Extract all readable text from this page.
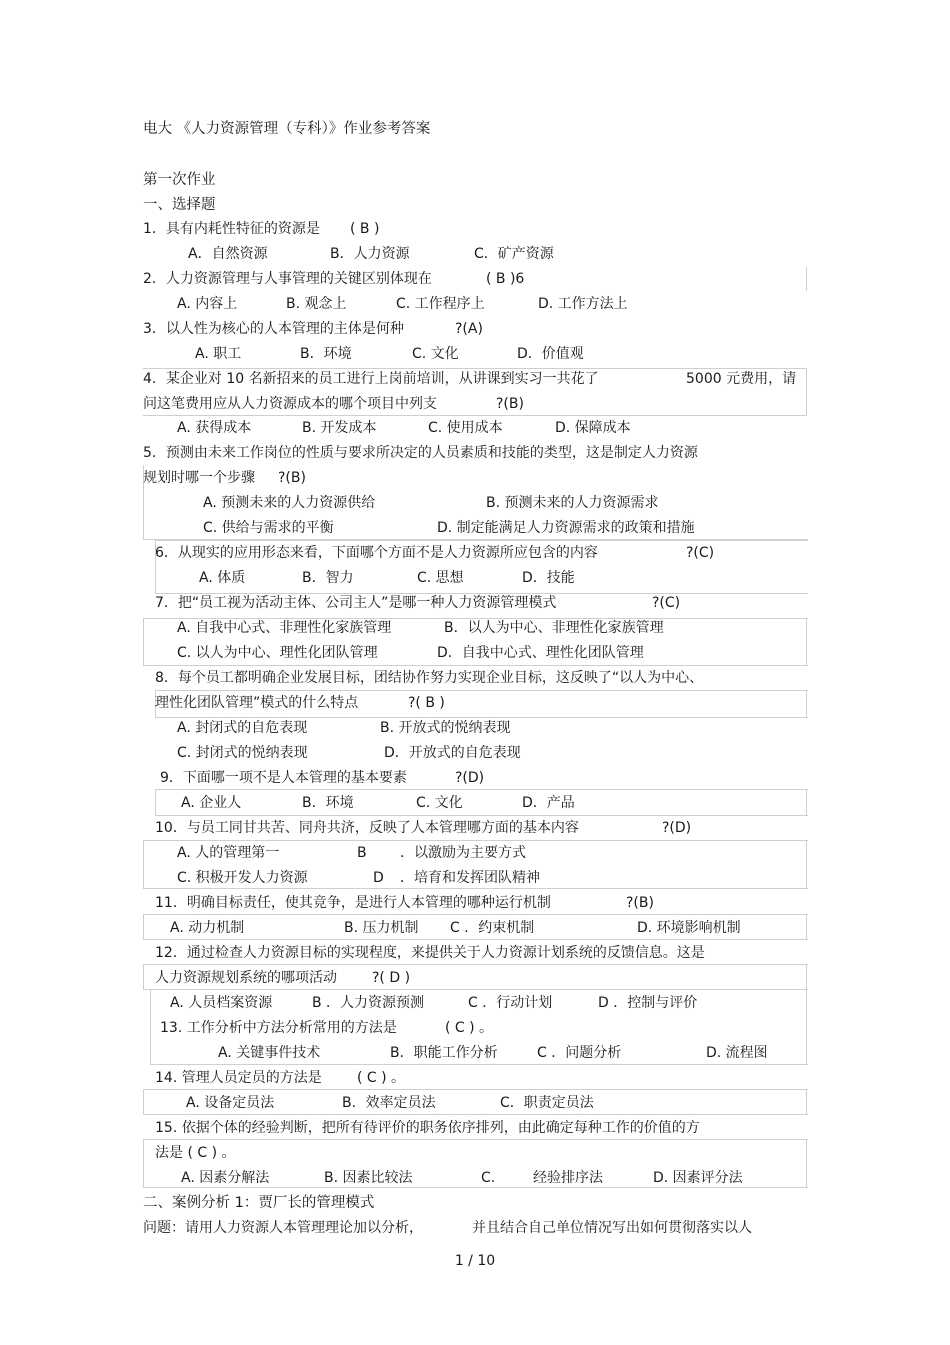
电大 《人力资源管理（专科）》作业参考答案
第一次作业
一、选择题
1．具有内耗性特征的资源是 ( B )
A．自然资源	B．人力资源	C．矿产资源
2．人力资源管理与人事管理的关键区别体现在	( B )6
A. 内容上	B. 观念上	C. 工作程序上	D. 工作方法上
3．以人性为核心的人本管理的主体是何种	?(A)
A. 职工	B．环境	C. 文化	D．价值观
4．某企业对 10 名新招来的员工进行上岗前培训，从讲课到实习一共花了	5000 元费用，请
问这笔费用应从人力资源成本的哪个项目中列支	?(B)
A. 获得成本	B. 开发成本	C. 使用成本	D. 保障成本
5．预测由未来工作岗位的性质与要求所决定的人员素质和技能的类型，这是制定人力资源
规划时哪一个步骤 ?(B)
A. 预测未来的人力资源供给	B. 预测未来的人力资源需求
C. 供给与需求的平衡	D. 制定能满足人力资源需求的政策和措施
6．从现实的应用形态来看，下面哪个方面不是人力资源所应包含的内容	?(C)
A. 体质	B．智力	C. 思想	D．技能
7．把“员工视为活动主体、公司主人”是哪一种人力资源管理模式	?(C)
A. 自我中心式、非理性化家族管理	B．以人为中心、非理性化家族管理
C. 以人为中心、理性化团队管理	D．自我中心式、理性化团队管理
8．每个员工都明确企业发展目标，团结协作努力实现企业目标，这反映了“以人为中心、
理性化团队管理”模式的什么特点	?( B )
A. 封闭式的自危表现	B. 开放式的悦纳表现
C. 封闭式的悦纳表现	D．开放式的自危表现
9．下面哪一项不是人本管理的基本要素	?(D)
A. 企业人	B．环境	C. 文化	D．产品
10．与员工同甘共苦、同舟共济，反映了人本管理哪方面的基本内容	?(D)
A. 人的管理第一	B ．以激励为主要方式
C. 积极开发人力资源	D ．培育和发挥团队精神
11．明确目标责任，使其竞争，是进行人本管理的哪种运行机制	?(B)
A. 动力机制	B. 压力机制 C ．约束机制	D. 环境影响机制
12．通过检查人力资源目标的实现程度，来提供关于人力资源计划系统的反馈信息。这是
人力资源规划系统的哪项活动	?( D )
A. 人员档案资源	B ．人力资源预测	C ．行动计划	D ．控制与评价
13. 工作分析中方法分析常用的方法是	( C ) 。
A. 关键事件技术	B．职能工作分析	C ．问题分析	D. 流程图
14. 管理人员定员的方法是	( C ) 。
A. 设备定员法	B．效率定员法	C．职责定员法
15. 依据个体的经验判断，把所有待评价的职务依序排列，由此确定每种工作的价值的方
法是 ( C ) 。
A. 因素分解法	B. 因素比较法	C.	经验排序法	D. 因素评分法
二、案例分析 1：贾厂长的管理模式
问题：请用人力资源人本管理理论加以分析，	并且结合自己单位情况写出如何贯彻落实以人
1 / 10
